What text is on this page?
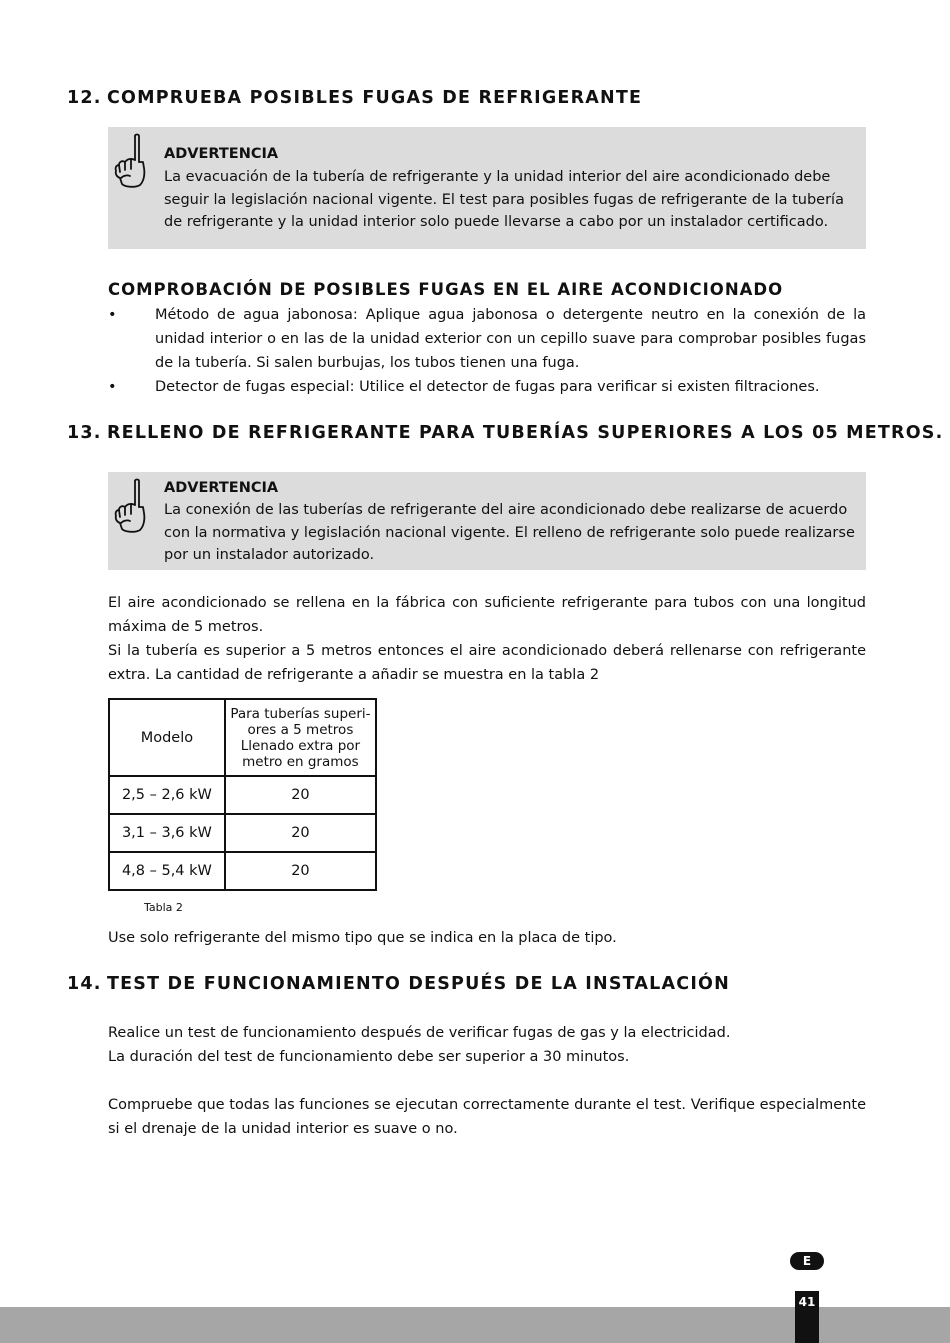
12. COMPRUEBA POSIBLES FUGAS DE REFRIGERANTE
ADVERTENCIA
La evacuación de la tubería de refrigerante y la unidad interior del aire acondicionado debe seguir la legislación nacional vigente. El test para posibles fugas de refrigerante de la tubería de refrigerante y la unidad interior solo puede llevarse a cabo por un instalador certificado.
COMPROBACIÓN DE POSIBLES FUGAS EN EL AIRE ACONDICIONADO
•	Método de agua jabonosa: Aplique agua jabonosa o detergente neutro en la conexión de la unidad interior o en las de la unidad exterior con un cepillo suave para comprobar posibles fugas de la tubería. Si salen burbujas, los tubos tienen una fuga.
•	Detector de fugas especial: Utilice el detector de fugas para verificar si existen filtraciones.
13. RELLENO DE REFRIGERANTE PARA TUBERÍAS SUPERIORES A LOS 05 METROS.
ADVERTENCIA
La conexión de las tuberías de refrigerante del aire acondicionado debe realizarse de acuerdo con la normativa y legislación nacional vigente. El relleno de refrigerante solo puede realizarse por un instalador autorizado.

El aire acondicionado se rellena en la fábrica con suficiente refrigerante para tubos con una longitud máxima de 5 metros.

Si la tubería es superior a 5 metros entonces el aire acondicionado deberá rellenarse con refrigerante extra. La cantidad de refrigerante a añadir se muestra en la tabla 2

Modelo	Para tuberías superi-ores a 5 metros Llenado extra por metro en gramos
2,5 – 2,6 kW	20
3,1 – 3,6 kW	20
4,8 – 5,4 kW	20
Tabla 2

Use solo refrigerante del mismo tipo que se indica en la placa de tipo.

14. TEST DE FUNCIONAMIENTO DESPUÉS DE LA INSTALACIÓN

Realice un test de funcionamiento después de verificar fugas de gas y la electricidad.

La duración del test de funcionamiento debe ser superior a 30 minutos.

Compruebe que todas las funciones se ejecutan correctamente durante el test. Verifique especialmente si el drenaje de la unidad interior es suave o no.

E
41
